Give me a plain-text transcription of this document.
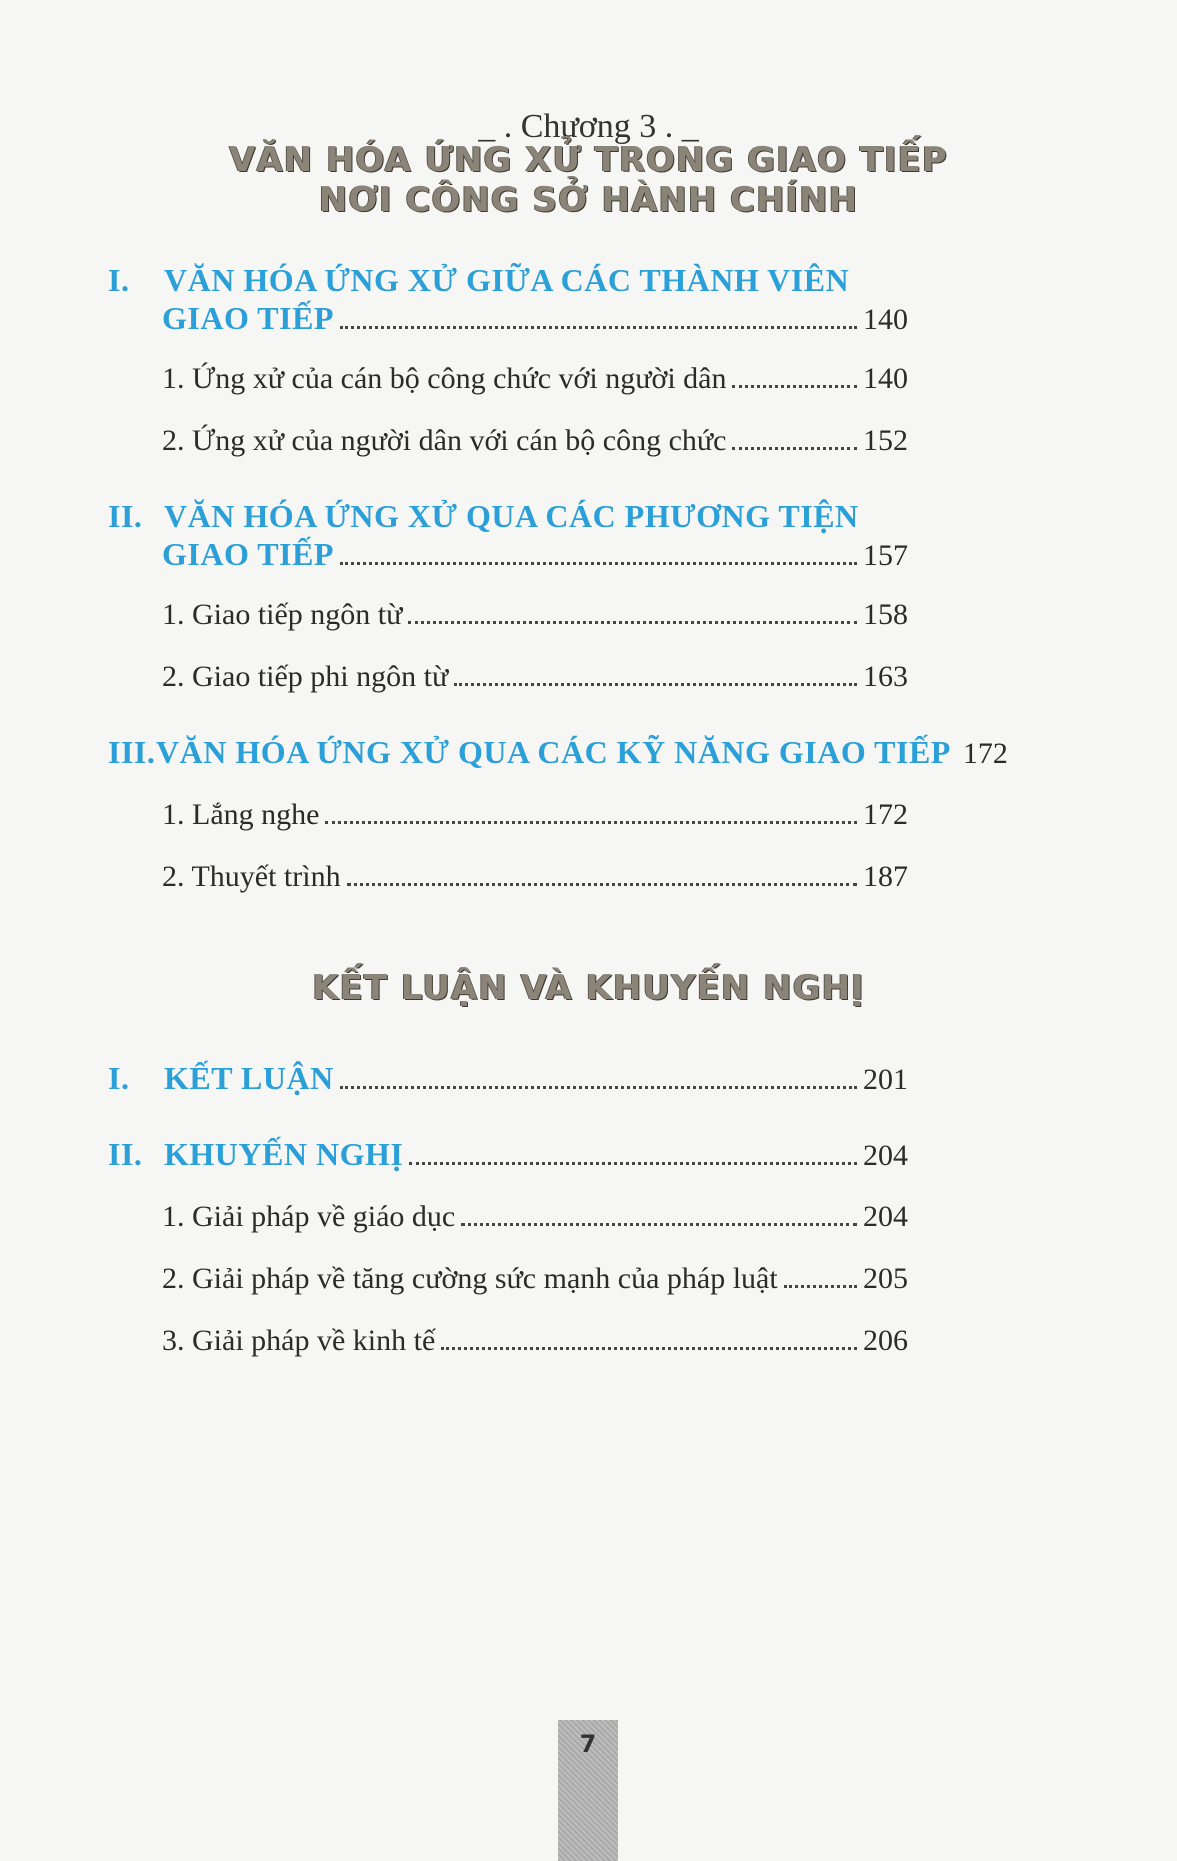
_ . Chương 3 . _
VĂN HÓA ỨNG XỬ TRONG GIAO TIẾP
NƠI CÔNG SỞ HÀNH CHÍNH
I. VĂN HÓA ỨNG XỬ GIỮA CÁC THÀNH VIÊN
GIAO TIẾP	140
1. Ứng xử của cán bộ công chức với người dân	140
2. Ứng xử của người dân với cán bộ công chức	152
II. VĂN HÓA ỨNG XỬ QUA CÁC PHƯƠNG TIỆN
GIAO TIẾP	157
1. Giao tiếp ngôn từ	158
2. Giao tiếp phi ngôn từ	163
III.VĂN HÓA ỨNG XỬ QUA CÁC KỸ NĂNG GIAO TIẾP 172
1. Lắng nghe	172
2. Thuyết trình	187
KẾT LUẬN VÀ KHUYẾN NGHỊ
I. KẾT LUẬN	201
II. KHUYẾN NGHỊ	204
1. Giải pháp về giáo dục	204
2. Giải pháp về tăng cường sức mạnh của pháp luật	205
3. Giải pháp về kinh tế	206
7
